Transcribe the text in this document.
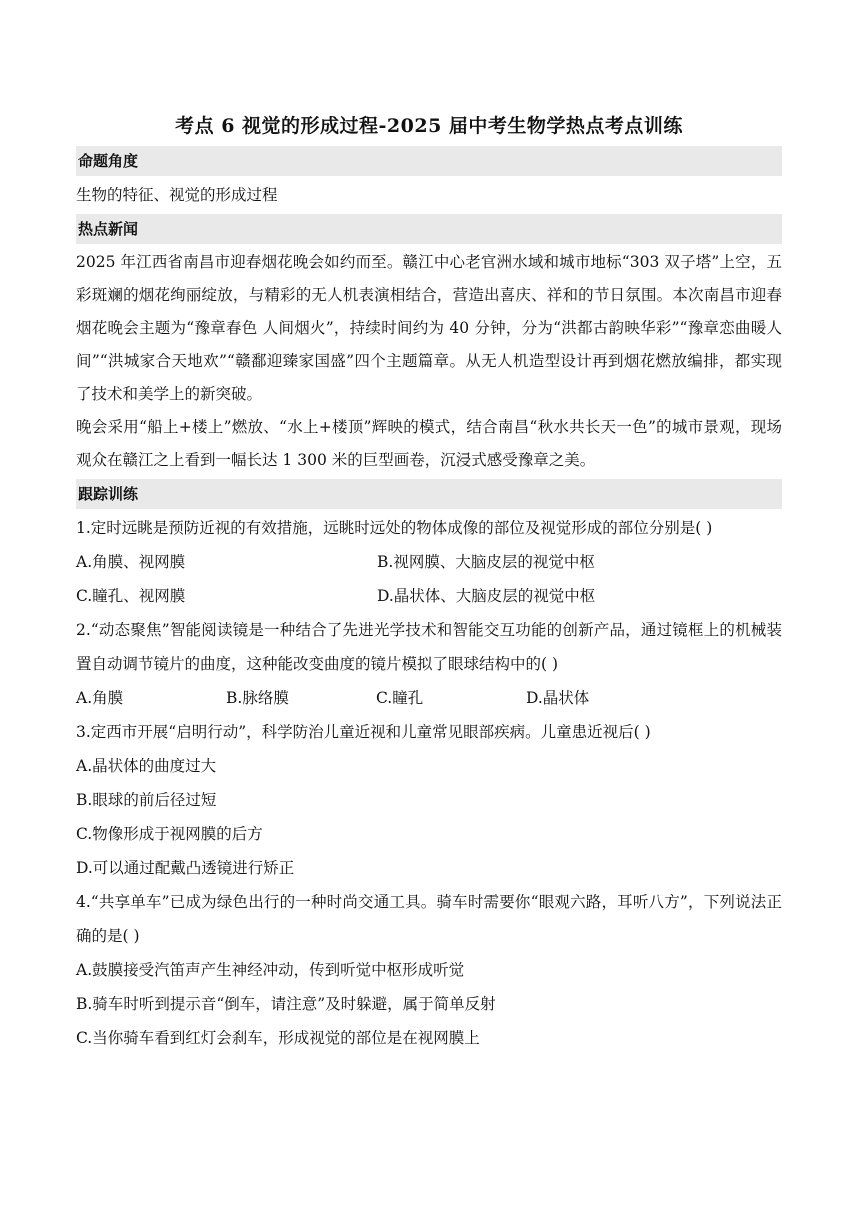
考点 6 视觉的形成过程-2025 届中考生物学热点考点训练
命题角度

生物的特征、视觉的形成过程

热点新闻

2025 年江西省南昌市迎春烟花晚会如约而至。赣江中心老官洲水域和城市地标“303 双子塔”上空，五彩斑斓的烟花绚丽绽放，与精彩的无人机表演相结合，营造出喜庆、祥和的节日氛围。本次南昌市迎春烟花晚会主题为“豫章春色 人间烟火”，持续时间约为 40 分钟，分为“洪都古韵映华彩”“豫章恋曲暖人间”“洪城家合天地欢”“赣鄱迎臻家国盛”四个主题篇章。从无人机造型设计再到烟花燃放编排，都实现了技术和美学上的新突破。

晚会采用“船上+楼上”燃放、“水上+楼顶”辉映的模式，结合南昌“秋水共长天一色”的城市景观，现场观众在赣江之上看到一幅长达 1 300 米的巨型画卷，沉浸式感受豫章之美。

跟踪训练

1.定时远眺是预防近视的有效措施，远眺时远处的物体成像的部位及视觉形成的部位分别是( )

A.角膜、视网膜	B.视网膜、大脑皮层的视觉中枢
C.瞳孔、视网膜	D.晶状体、大脑皮层的视觉中枢

2.“动态聚焦”智能阅读镜是一种结合了先进光学技术和智能交互功能的创新产品，通过镜框上的机械装置自动调节镜片的曲度，这种能改变曲度的镜片模拟了眼球结构中的( )

A.角膜	B.脉络膜	C.瞳孔	D.晶状体

3.定西市开展“启明行动”，科学防治儿童近视和儿童常见眼部疾病。儿童患近视后( )

A.晶状体的曲度过大

B.眼球的前后径过短

C.物像形成于视网膜的后方

D.可以通过配戴凸透镜进行矫正

4.“共享单车”已成为绿色出行的一种时尚交通工具。骑车时需要你“眼观六路，耳听八方”，下列说法正确的是( )

A.鼓膜接受汽笛声产生神经冲动，传到听觉中枢形成听觉

B.骑车时听到提示音“倒车，请注意”及时躲避，属于简单反射

C.当你骑车看到红灯会刹车，形成视觉的部位是在视网膜上
